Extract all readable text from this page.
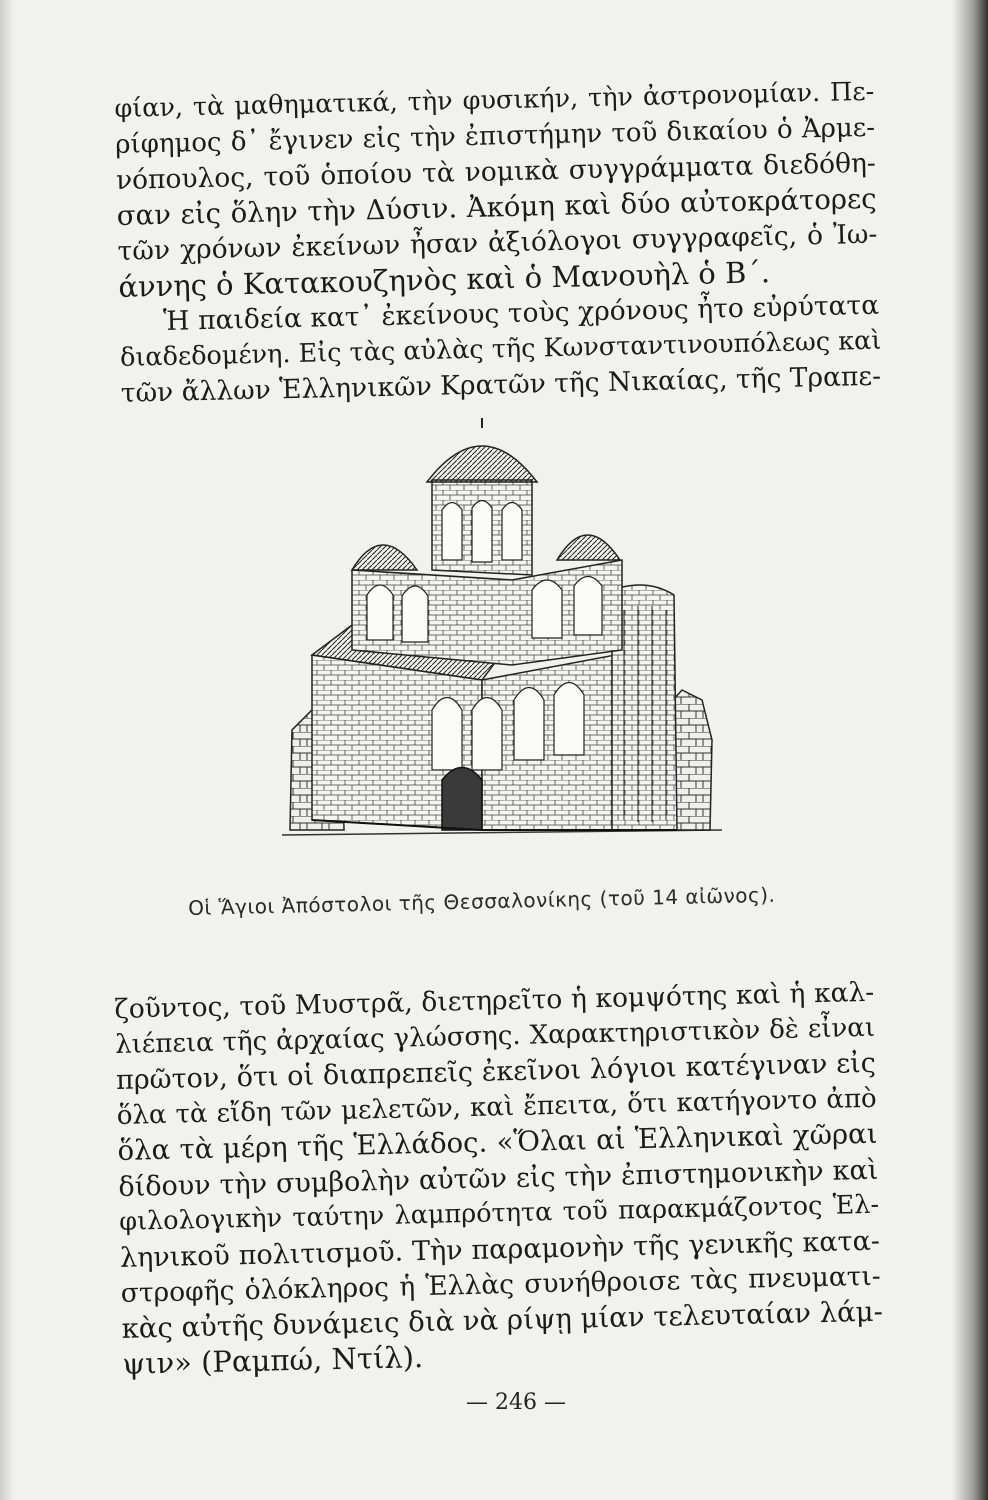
φίαν, τὰ μαθηματικά, τὴν φυσικήν, τὴν ἀστρονομίαν. Πε-
ρίφημος δ᾽ ἔγινεν εἰς τὴν ἐπιστήμην τοῦ δικαίου ὁ Ἀρμε-
νόπουλος, τοῦ ὁποίου τὰ νομικὰ συγγράμματα διεδόθη-
σαν εἰς ὅλην τὴν Δύσιν. Ἀκόμη καὶ δύο αὐτοκράτορες
τῶν χρόνων ἐκείνων ἦσαν ἀξιόλογοι συγγραφεῖς, ὁ Ἰω-
άννης ὁ Κατακουζηνὸς καὶ ὁ Μανουὴλ ὁ Β΄.
Ἡ παιδεία κατ᾽ ἐκείνους τοὺς χρόνους ἦτο εὐρύτατα
διαδεδομένη. Εἰς τὰς αὐλὰς τῆς Κωνσταντινουπόλεως καὶ
τῶν ἄλλων Ἑλληνικῶν Κρατῶν τῆς Νικαίας, τῆς Τραπε-
Οἱ Ἅγιοι Ἀπόστολοι τῆς Θεσσαλονίκης (τοῦ 14 αἰῶνος).
ζοῦντος, τοῦ Μυστρᾶ, διετηρεῖτο ἡ κομψότης καὶ ἡ καλ-
λιέπεια τῆς ἀρχαίας γλώσσης. Χαρακτηριστικὸν δὲ εἶναι
πρῶτον, ὅτι οἱ διαπρεπεῖς ἐκεῖνοι λόγιοι κατέγιναν εἰς
ὅλα τὰ εἴδη τῶν μελετῶν, καὶ ἔπειτα, ὅτι κατήγοντο ἀπὸ
ὅλα τὰ μέρη τῆς Ἑλλάδος. «Ὅλαι αἱ Ἑλληνικαὶ χῶραι
δίδουν τὴν συμβολὴν αὐτῶν εἰς τὴν ἐπιστημονικὴν καὶ
φιλολογικὴν ταύτην λαμπρότητα τοῦ παρακμάζοντος Ἑλ-
ληνικοῦ πολιτισμοῦ. Τὴν παραμονὴν τῆς γενικῆς κατα-
στροφῆς ὁλόκληρος ἡ Ἑλλὰς συνήθροισε τὰς πνευματι-
κὰς αὐτῆς δυνάμεις διὰ νὰ ρίψῃ μίαν τελευταίαν λάμ-
ψιν» (Ραμπώ, Ντίλ).
— 246 —
